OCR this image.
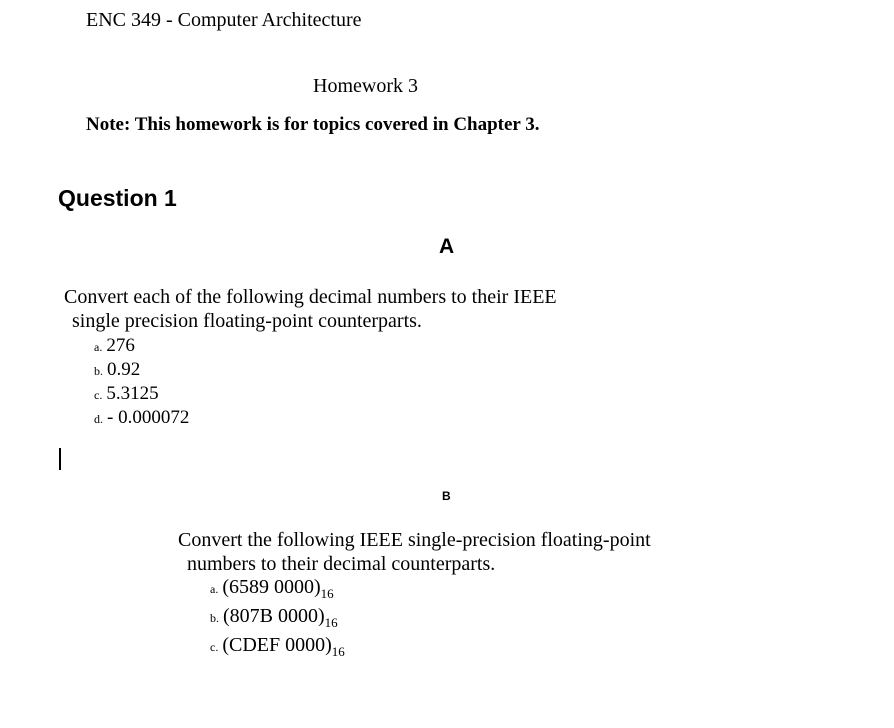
ENC 349 - Computer Architecture
Homework 3
Note: This homework is for topics covered in Chapter 3.
Question 1
A
Convert each of the following decimal numbers to their IEEE
single precision floating-point counterparts.
a. 276
b. 0.92
c. 5.3125
d. - 0.000072
B
Convert the following IEEE single-precision floating-point
numbers to their decimal counterparts.
a. (6589 $0000)_{16}$
b. (807B $0000)_{16}$
c. (CDEF $0000)_{16}$
